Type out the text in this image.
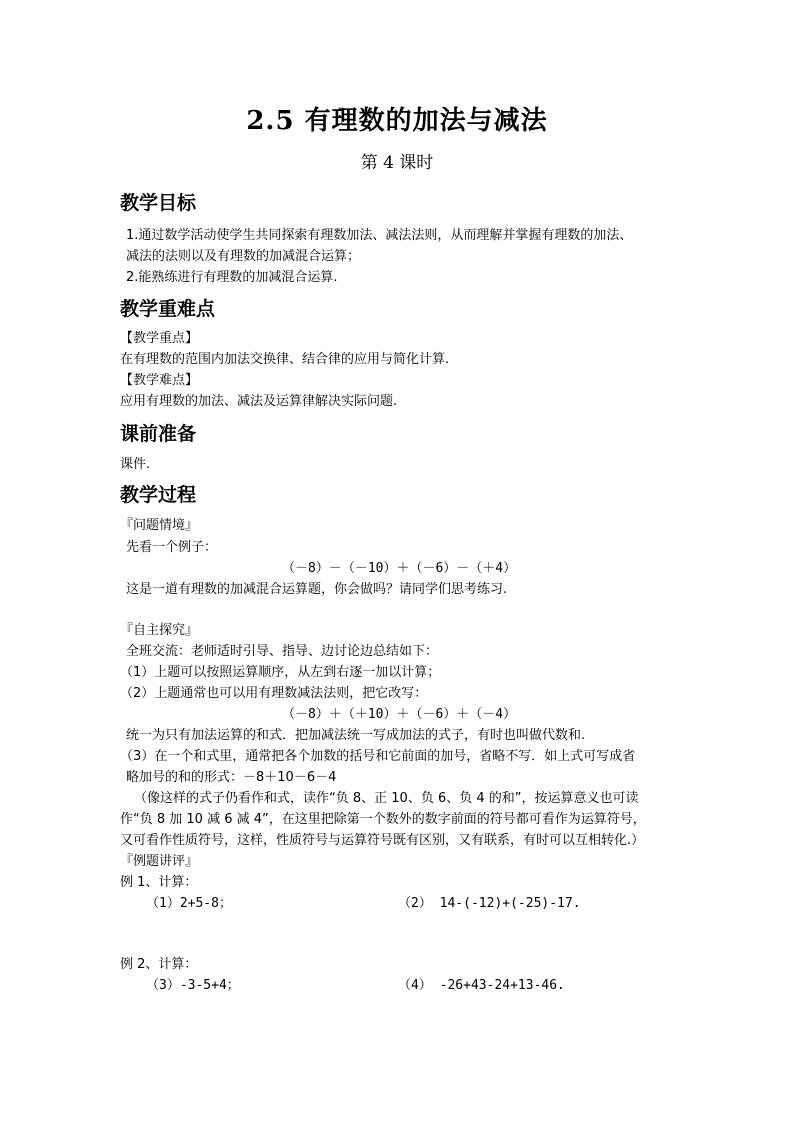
2.5 有理数的加法与减法
第 4 课时
教学目标
1.通过数学活动使学生共同探索有理数加法、减法法则，从而理解并掌握有理数的加法、
减法的法则以及有理数的加减混合运算；
2.能熟练进行有理数的加减混合运算.
教学重难点
【教学重点】
在有理数的范围内加法交换律、结合律的应用与简化计算.
【教学难点】
应用有理数的加法、减法及运算律解决实际问题.
课前准备
课件.
教学过程
『问题情境』
先看一个例子：
（－8）－（－10）＋（－6）－（＋4）
这是一道有理数的加减混合运算题，你会做吗？请同学们思考练习.
『自主探究』
全班交流：老师适时引导、指导、边讨论边总结如下：
（1）上题可以按照运算顺序，从左到右逐一加以计算；
（2）上题通常也可以用有理数减法法则，把它改写：
（－8）＋（＋10）＋（－6）＋（－4）
统一为只有加法运算的和式．把加减法统一写成加法的式子，有时也叫做代数和.
（3）在一个和式里，通常把各个加数的括号和它前面的加号，省略不写．如上式可写成省
略加号的和的形式：－8＋10－6－4
（像这样的式子仍看作和式，读作“负 8、正 10、负 6、负 4 的和”，按运算意义也可读
作“负 8 加 10 减 6 减 4”，在这里把除第一个数外的数字前面的符号都可看作为运算符号，
又可看作性质符号，这样，性质符号与运算符号既有区别，又有联系，有时可以互相转化.）
『例题讲评』
例 1、计算：
（1）2+5-8；	（2） 14-(-12)+(-25)-17.
例 2、计算：
（3）-3-5+4；	（4） -26+43-24+13-46.
